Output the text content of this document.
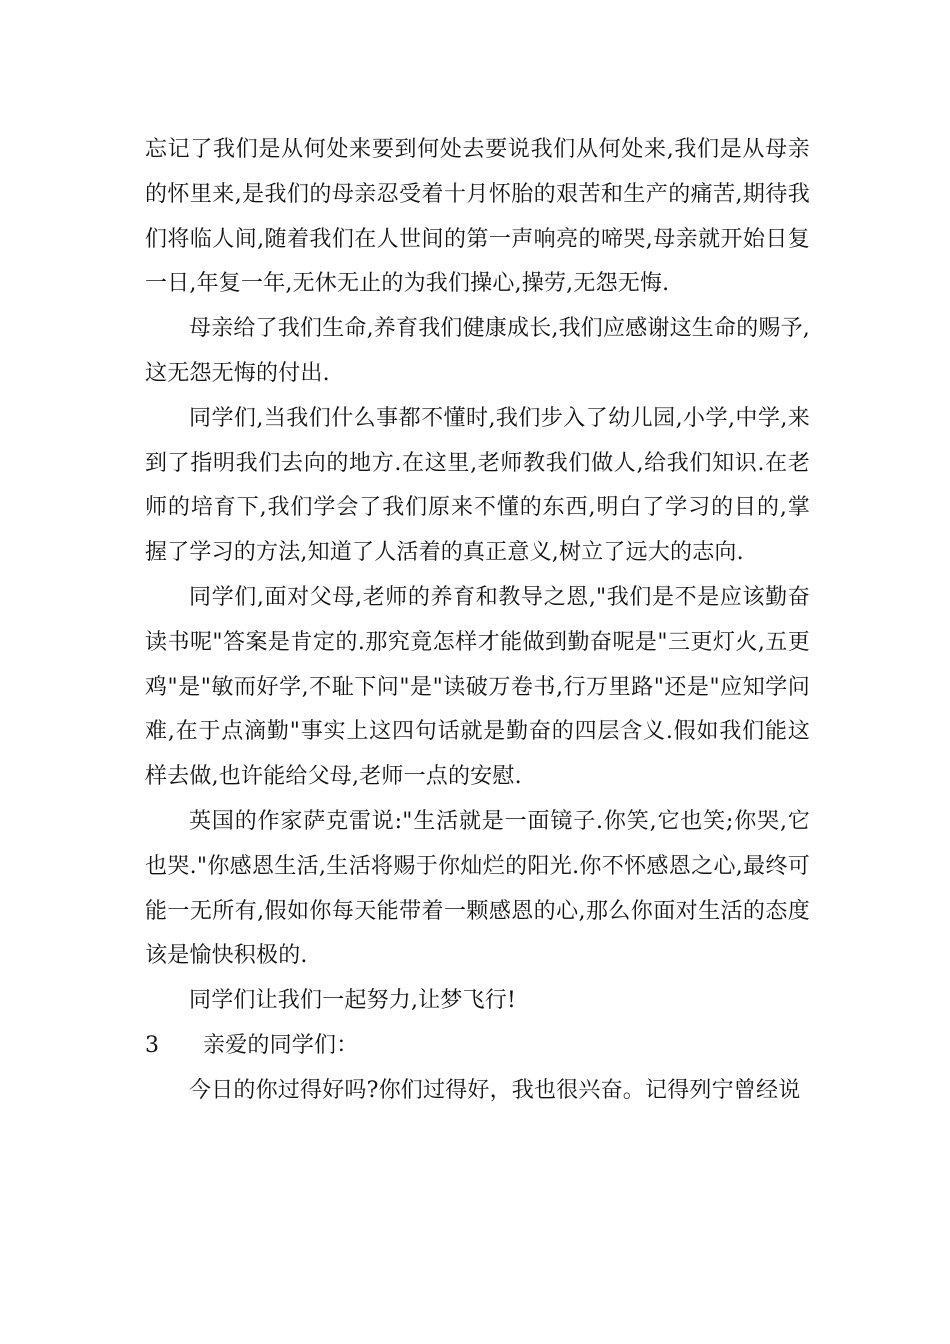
忘记了我们是从何处来要到何处去要说我们从何处来,我们是从母亲的怀里来,是我们的母亲忍受着十月怀胎的艰苦和生产的痛苦,期待我们将临人间,随着我们在人世间的第一声响亮的啼哭,母亲就开始日复一日,年复一年,无休无止的为我们操心,操劳,无怨无悔.

母亲给了我们生命,养育我们健康成长,我们应感谢这生命的赐予,这无怨无悔的付出.

同学们,当我们什么事都不懂时,我们步入了幼儿园,小学,中学,来到了指明我们去向的地方.在这里,老师教我们做人,给我们知识.在老师的培育下,我们学会了我们原来不懂的东西,明白了学习的目的,掌握了学习的方法,知道了人活着的真正意义,树立了远大的志向.

同学们,面对父母,老师的养育和教导之恩,"我们是不是应该勤奋读书呢"答案是肯定的.那究竟怎样才能做到勤奋呢是"三更灯火,五更鸡"是"敏而好学,不耻下问"是"读破万卷书,行万里路"还是"应知学问难,在于点滴勤"事实上这四句话就是勤奋的四层含义.假如我们能这样去做,也许能给父母,老师一点的安慰.

英国的作家萨克雷说:"生活就是一面镜子.你笑,它也笑;你哭,它也哭."你感恩生活,生活将赐于你灿烂的阳光.你不怀感恩之心,最终可能一无所有,假如你每天能带着一颗感恩的心,那么你面对生活的态度该是愉快积极的.

同学们让我们一起努力,让梦飞行!

3	亲爱的同学们：

今日的你过得好吗?你们过得好，我也很兴奋。记得列宁曾经说
